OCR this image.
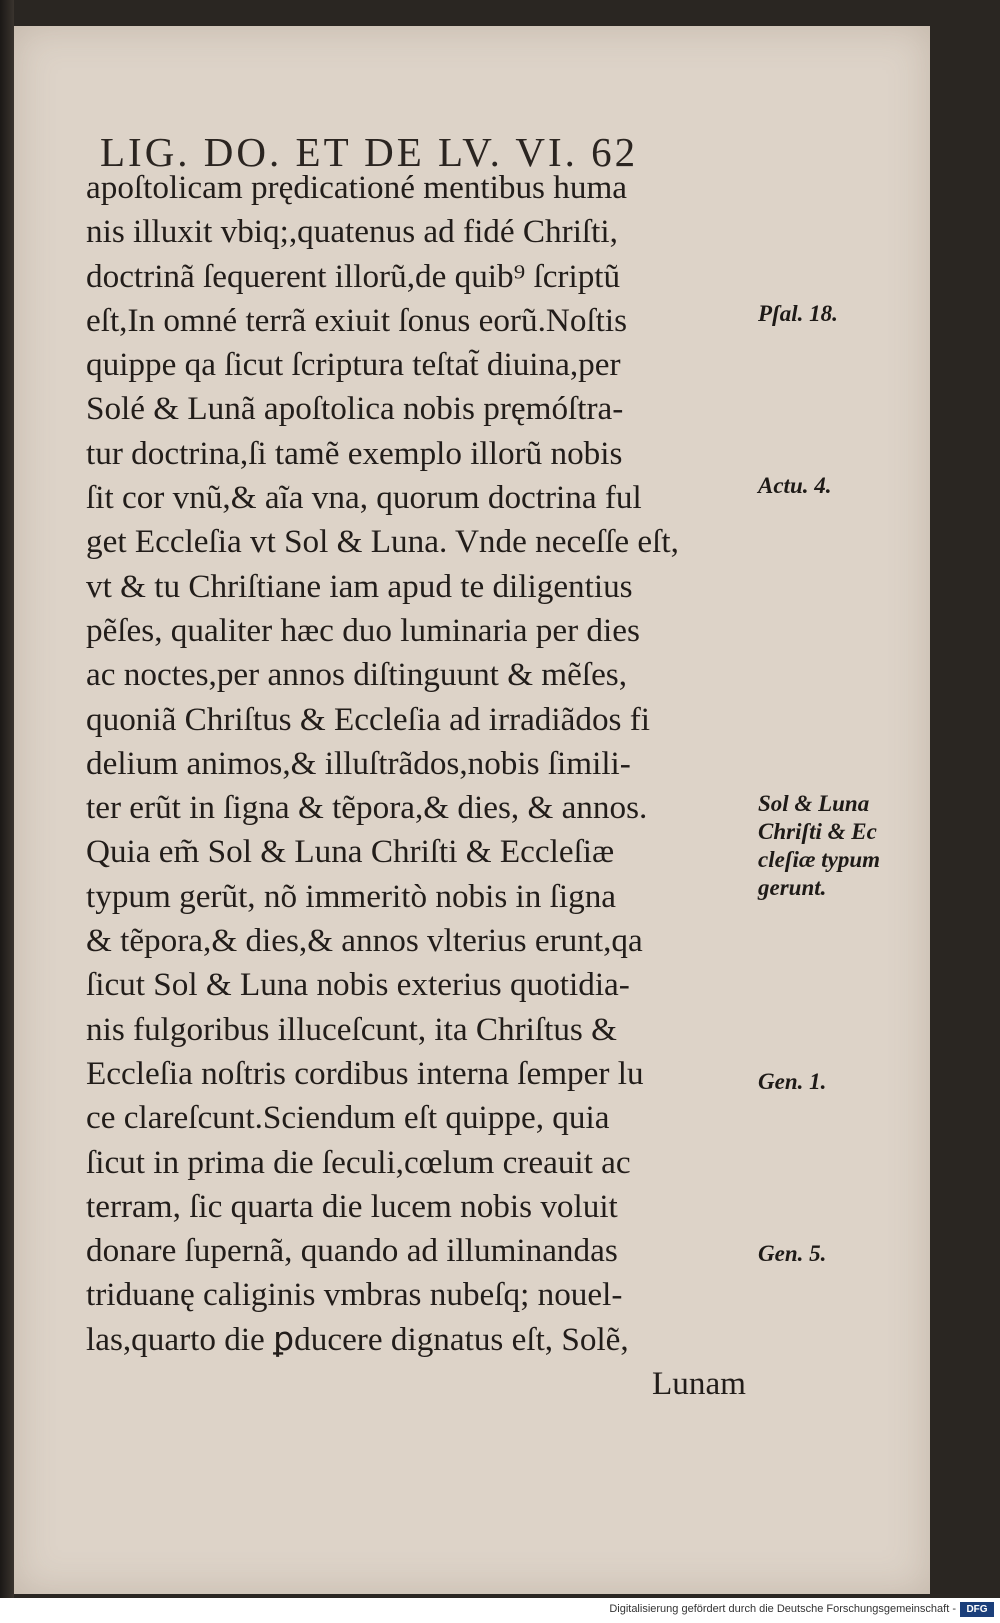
LIG. DO. ET DE LV. VI. 62
apoſtolicam prędicationé mentibus huma
nis illuxit vbiq;,quatenus ad fidé Chriſti,
doctrinã ſequerent illorũ,de quib⁹ ſcriptũ
eſt,In omné terrã exiuit ſonus eorũ.Noſtis
quippe qa ſicut ſcriptura teſtat̃ diuina,per
Solé & Lunã apoſtolica nobis pręmóſtra-
tur doctrina,ſi tamẽ exemplo illorũ nobis
ſit cor vnũ,& aĩa vna, quorum doctrina ful
get Eccleſia vt Sol & Luna. Vnde neceſſe eſt,
vt & tu Chriſtiane iam apud te diligentius
pẽſes, qualiter hæc duo luminaria per dies
ac noctes,per annos diſtinguunt & mẽſes,
quoniã Chriſtus & Eccleſia ad irradiãdos fi
delium animos,& illuſtrãdos,nobis ſimili-
ter erũt in ſigna & tẽpora,& dies, & annos.
Quia em̃ Sol & Luna Chriſti & Eccleſiæ
typum gerũt, nõ immeritò nobis in ſigna
& tẽpora,& dies,& annos vlterius erunt,qa
ſicut Sol & Luna nobis exterius quotidia-
nis fulgoribus illuceſcunt, ita Chriſtus &
Eccleſia noſtris cordibus interna ſemper lu
ce clareſcunt.Sciendum eſt quippe, quia
ſicut in prima die ſeculi,cœlum creauit ac
terram, ſic quarta die lucem nobis voluit
donare ſupernã, quando ad illuminandas
triduanę caliginis vmbras nubeſq; nouel-
las,quarto die ꝑducere dignatus eſt, Solẽ,
Lunam
Pſal. 18.
Actu. 4.
Sol & Luna
Chriſti & Ec
cleſiæ typum
gerunt.
Gen. 1.
Gen. 5.
Digitalisierung gefördert durch die Deutsche Forschungsgemeinschaft -	DFG
